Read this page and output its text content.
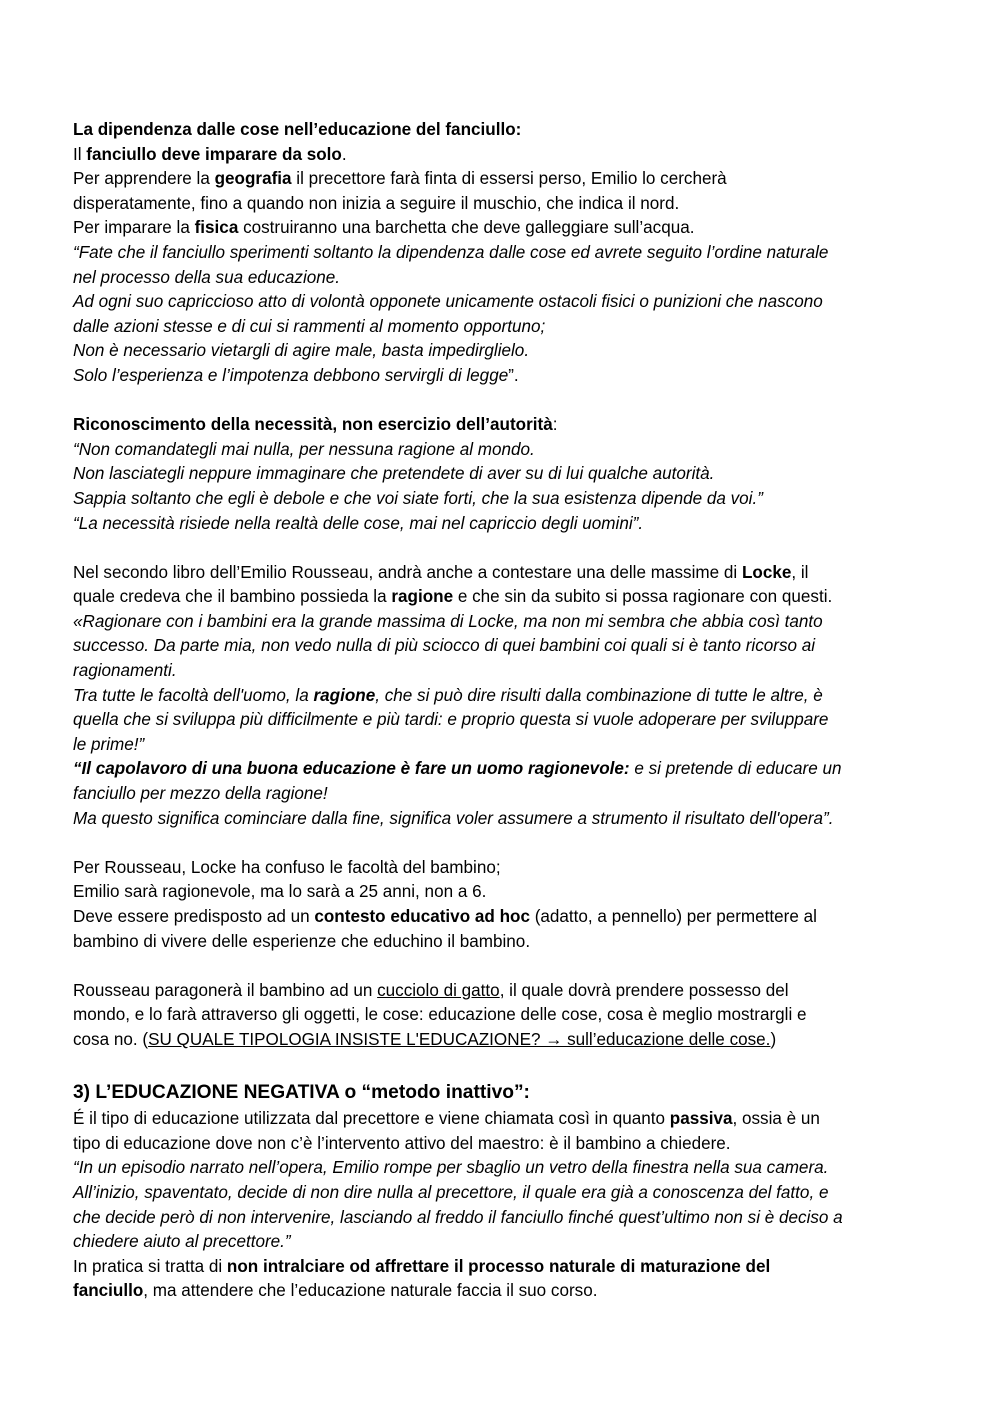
La dipendenza dalle cose nell’educazione del fanciullo:
Il fanciullo deve imparare da solo.
Per apprendere la geografia il precettore farà finta di essersi perso, Emilio lo cercherà
disperatamente, fino a quando non inizia a seguire il muschio, che indica il nord.
Per imparare la fisica costruiranno una barchetta che deve galleggiare sull’acqua.
“Fate che il fanciullo sperimenti soltanto la dipendenza dalle cose ed avrete seguito l’ordine naturale
nel processo della sua educazione.
Ad ogni suo capriccioso atto di volontà opponete unicamente ostacoli fisici o punizioni che nascono
dalle azioni stesse e di cui si rammenti al momento opportuno;
Non è necessario vietargli di agire male, basta impedirglielo.
Solo l’esperienza e l’impotenza debbono servirgli di legge”.
Riconoscimento della necessità, non esercizio dell’autorità:
“Non comandategli mai nulla, per nessuna ragione al mondo.
Non lasciategli neppure immaginare che pretendete di aver su di lui qualche autorità.
Sappia soltanto che egli è debole e che voi siate forti, che la sua esistenza dipende da voi.”
“La necessità risiede nella realtà delle cose, mai nel capriccio degli uomini”.
Nel secondo libro dell’Emilio Rousseau, andrà anche a contestare una delle massime di Locke, il
quale credeva che il bambino possieda la ragione e che sin da subito si possa ragionare con questi.
«Ragionare con i bambini era la grande massima di Locke, ma non mi sembra che abbia così tanto
successo. Da parte mia, non vedo nulla di più sciocco di quei bambini coi quali si è tanto ricorso ai
ragionamenti.
Tra tutte le facoltà dell'uomo, la ragione, che si può dire risulti dalla combinazione di tutte le altre, è
quella che si sviluppa più difficilmente e più tardi: e proprio questa si vuole adoperare per sviluppare
le prime!”
“Il capolavoro di una buona educazione è fare un uomo ragionevole: e si pretende di educare un
fanciullo per mezzo della ragione!
Ma questo significa cominciare dalla fine, significa voler assumere a strumento il risultato dell'opera”.
Per Rousseau, Locke ha confuso le facoltà del bambino;
Emilio sarà ragionevole, ma lo sarà a 25 anni, non a 6.
Deve essere predisposto ad un contesto educativo ad hoc (adatto, a pennello) per permettere al
bambino di vivere delle esperienze che educhino il bambino.
Rousseau paragonerà il bambino ad un cucciolo di gatto, il quale dovrà prendere possesso del
mondo, e lo farà attraverso gli oggetti, le cose: educazione delle cose, cosa è meglio mostrargli e
cosa no. (SU QUALE TIPOLOGIA INSISTE L'EDUCAZIONE? → sull’educazione delle cose.)
3) L’EDUCAZIONE NEGATIVA o “metodo inattivo”:
É il tipo di educazione utilizzata dal precettore e viene chiamata così in quanto passiva, ossia è un
tipo di educazione dove non c’è l’intervento attivo del maestro: è il bambino a chiedere.
“In un episodio narrato nell’opera, Emilio rompe per sbaglio un vetro della finestra nella sua camera.
All’inizio, spaventato, decide di non dire nulla al precettore, il quale era già a conoscenza del fatto, e
che decide però di non intervenire, lasciando al freddo il fanciullo finché quest’ultimo non si è deciso a
chiedere aiuto al precettore.”
In pratica si tratta di non intralciare od affrettare il processo naturale di maturazione del
fanciullo, ma attendere che l’educazione naturale faccia il suo corso.
